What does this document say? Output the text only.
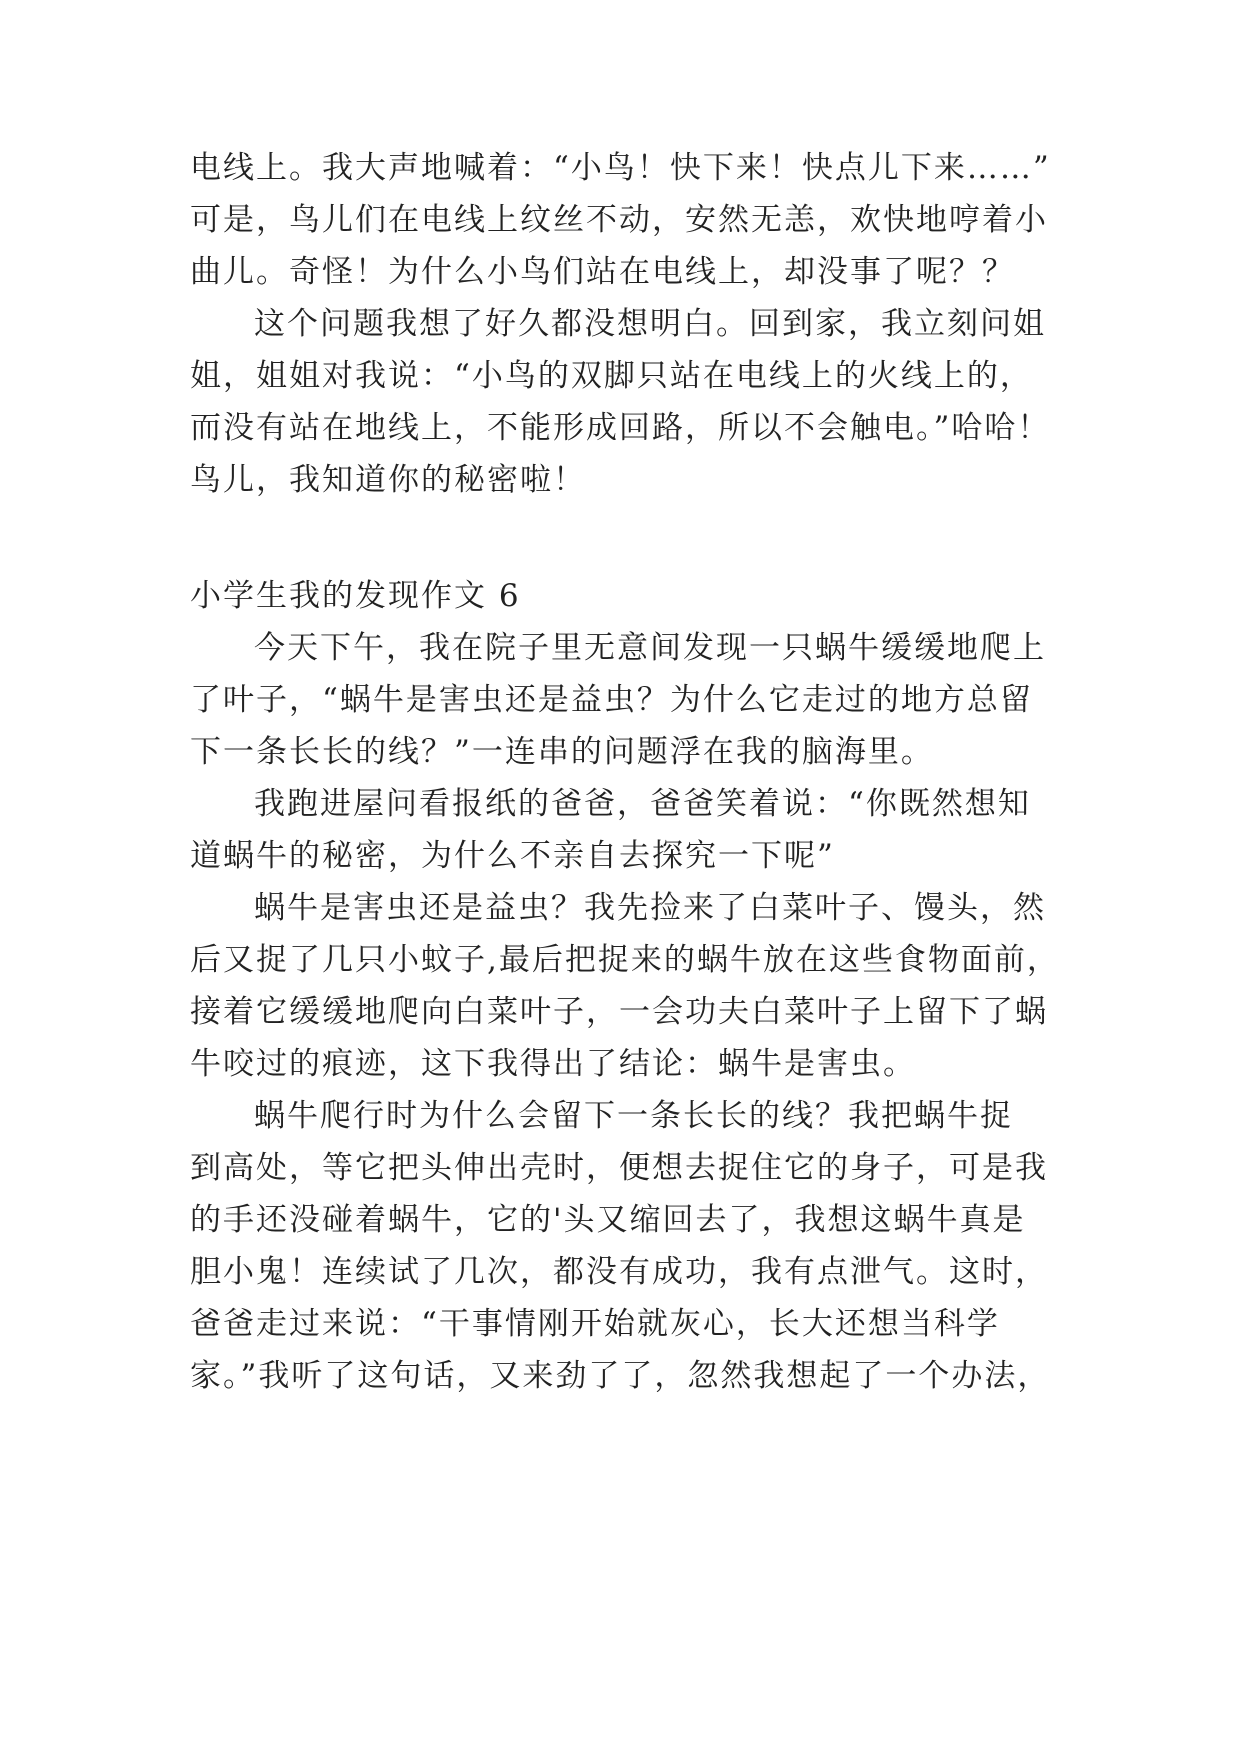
电线上。我大声地喊着：“小鸟！快下来！快点儿下来……”
可是，鸟儿们在电线上纹丝不动，安然无恙，欢快地哼着小
曲儿。奇怪！为什么小鸟们站在电线上，却没事了呢？？
这个问题我想了好久都没想明白。回到家，我立刻问姐
姐，姐姐对我说：“小鸟的双脚只站在电线上的火线上的，
而没有站在地线上，不能形成回路，所以不会触电。”哈哈！
鸟儿，我知道你的秘密啦！
小学生我的发现作文 6
今天下午，我在院子里无意间发现一只蜗牛缓缓地爬上
了叶子，“蜗牛是害虫还是益虫？为什么它走过的地方总留
下一条长长的线？”一连串的问题浮在我的脑海里。
我跑进屋问看报纸的爸爸，爸爸笑着说：“你既然想知
道蜗牛的秘密，为什么不亲自去探究一下呢”
蜗牛是害虫还是益虫？我先捡来了白菜叶子、馒头，然
后又捉了几只小蚊子,最后把捉来的蜗牛放在这些食物面前，
接着它缓缓地爬向白菜叶子，一会功夫白菜叶子上留下了蜗
牛咬过的痕迹，这下我得出了结论：蜗牛是害虫。
蜗牛爬行时为什么会留下一条长长的线？我把蜗牛捉
到高处，等它把头伸出壳时，便想去捉住它的身子，可是我
的手还没碰着蜗牛，它的'头又缩回去了，我想这蜗牛真是
胆小鬼！连续试了几次，都没有成功，我有点泄气。这时，
爸爸走过来说：“干事情刚开始就灰心，长大还想当科学
家。”我听了这句话，又来劲了了，忽然我想起了一个办法，
